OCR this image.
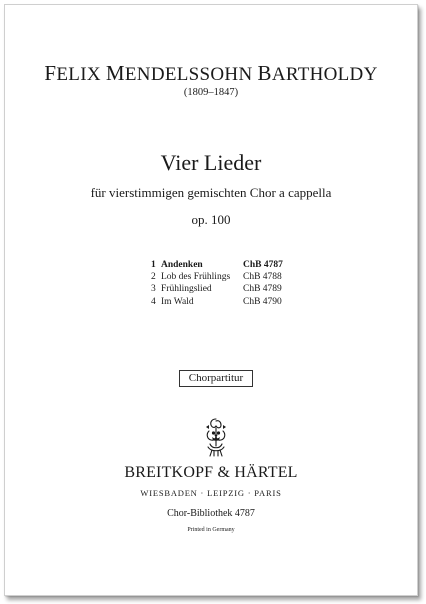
FELIX MENDELSSOHN BARTHOLDY
(1809–1847)
Vier Lieder
für vierstimmigen gemischten Chor a cappella
op. 100
1 Andenken	ChB 4787
2 Lob des Frühlings	ChB 4788
3 Frühlingslied	ChB 4789
4 Im Wald	ChB 4790
Chorpartitur
BREITKOPF & HÄRTEL
WIESBADEN · LEIPZIG · PARIS
Chor-Bibliothek 4787
Printed in Germany
